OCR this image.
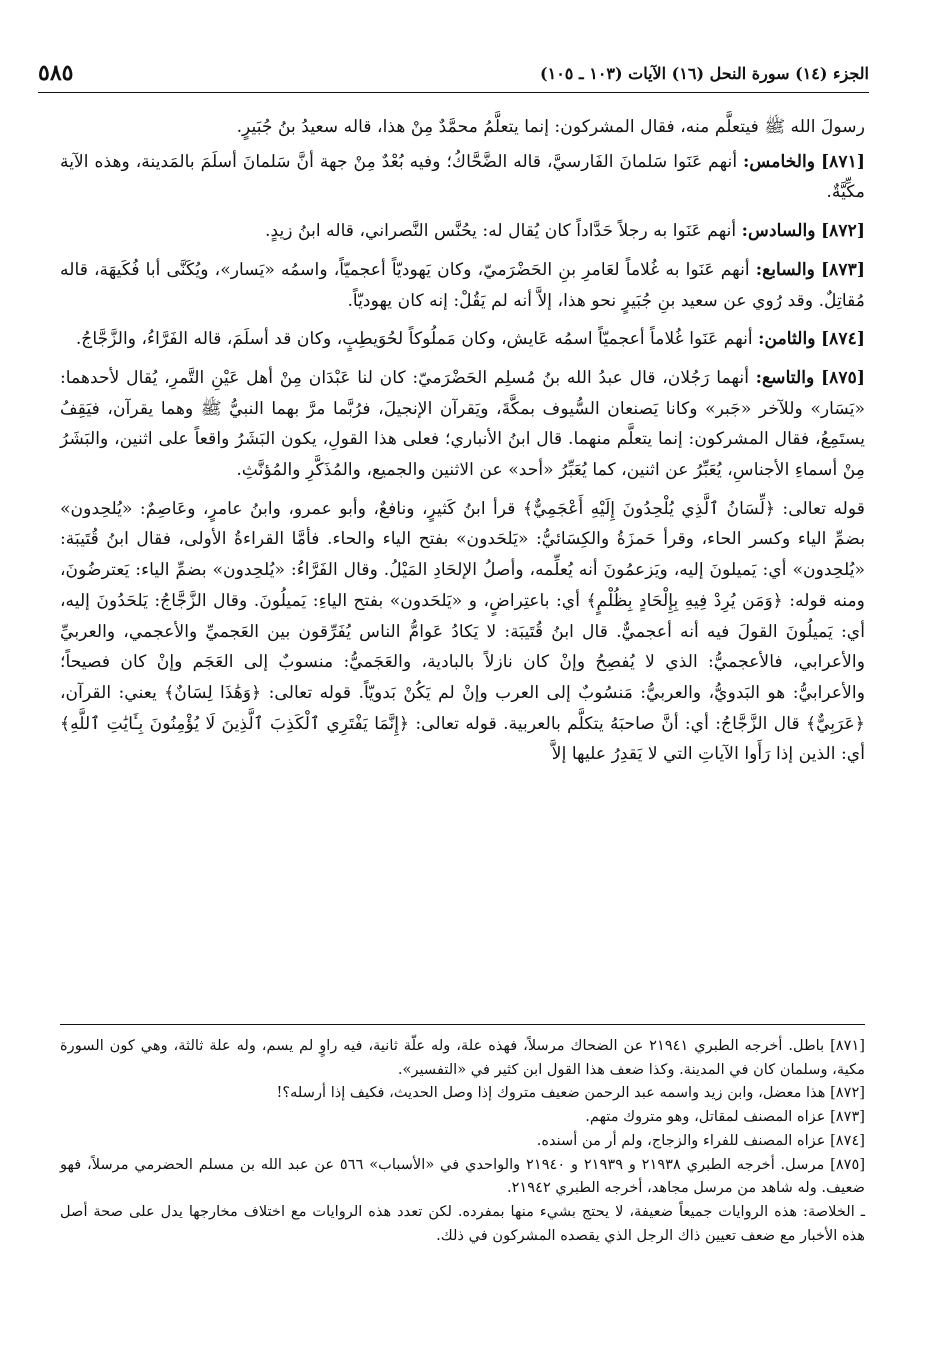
الجزء (١٤) سورة النحل (١٦) الآيات (١٠٣ ـ ١٠٥)
٥٨٥

رسولَ الله ﷺ فيتعلَّم منه، فقال المشركون: إنما يتعلَّمُ محمَّدٌ مِنْ هذا، قاله سعيدُ بنُ جُبَيرٍ.

[٨٧١] والخامس: أنهم عَنَوا سَلمانَ الفَارسيَّ، قاله الضَّحَّاكُ؛ وفيه بُعْدٌ مِنْ جهة أنَّ سَلمانَ أسلَمَ بالمَدينة، وهذه الآية مكِّيَّةٌ.

[٨٧٢] والسادس: أنهم عَنَوا به رجلاً حَدَّاداً كان يُقال له: يحُنَّس النَّصراني، قاله ابنُ زيدٍ.

[٨٧٣] والسابع: أنهم عَنَوا به غُلاماً لعَامرِ بنِ الحَضْرَميّ، وكان يَهوديّاً أعجميّاً، واسمُه «يَسار»، ويُكَنَّى أبا فُكَيهَة، قاله مُقاتِلٌ. وقد رُوي عن سعيد بنِ جُبَيرٍ نحو هذا، إلاَّ أنه لم يَقُلْ: إنه كان يهوديّاً.

[٨٧٤] والثامن: أنهم عَنَوا غُلاماً أعجميّاً اسمُه عَايش، وكان مَملُوكاً لحُوَيطِبٍ، وكان قد أسلَمَ، قاله الفَرَّاءُ، والزَّجَّاجُ.

[٨٧٥] والتاسع: أنهما رَجُلان، قال عبدُ الله بنُ مُسلِم الحَضْرَميّ: كان لنا عَبْدَان مِنْ أهل عَيْنِ التَّمرِ، يُقال لأحدهما: «يَسَار» وللآخر «جَبر» وكانا يَصنعان السُّيوف بمكَّةَ، ويَقرآن الإنجيلَ، فرُبَّما مرَّ بهما النبيُّ ﷺ وهما يقرآن، فيَقِفُ يستَمِعُ، فقال المشركون: إنما يتعلَّم منهما. قال ابنُ الأنباري؛ فعلى هذا القولِ، يكون البَشَرُ واقعاً على اثنين، والبَشَرُ مِنْ أسماءِ الأجناسِ، يُعَبِّرُ عن اثنين، كما يُعَبِّرُ «أحد» عن الاثنين والجميع، والمُذَكَّرِ والمُؤنَّثِ.

قوله تعالى: ﴿لِّسَانُ ٱلَّذِي يُلْحِدُونَ إِلَيْهِ أَعْجَمِيٌّ﴾ قرأ ابنُ كَثيرٍ، ونافعٌ، وأبو عمرو، وابنُ عامرٍ، وعَاصِمٌ: «يُلحِدون» بضمِّ الياء وكسر الحاء، وقرأ حَمزَةُ والكِسَائيُّ: «يَلحَدون» بفتح الياء والحاء. فأمَّا القراءةُ الأولى، فقال ابنُ قُتَيبَة: «يُلحِدون» أي: يَميلونَ إليه، ويَزعمُونَ أنه يُعلِّمه، وأصلُ الإلحَادِ المَيْلُ. وقال الفَرَّاءُ: «يُلحِدون» بضمِّ الياء: يَعترضُونَ، ومنه قوله: ﴿وَمَن يُرِدْ فِيهِ بِإِلْحَادٍ بِظُلْمٍ﴾ أي: باعتِراضٍ، و «يَلحَدون» بفتح الياءِ: يَميلُونَ. وقال الزَّجَّاجُ: يَلحَدُونَ إليه، أي: يَميلُونَ القولَ فيه أنه أعجميٌّ. قال ابنُ قُتَيبَة: لا يَكادُ عَوامُّ الناس يُفَرِّقون بين العَجميِّ والأعجمي، والعربيِّ والأعرابي، فالأعجميُّ: الذي لا يُفصِحُ وإنْ كان نازلاً بالبادية، والعَجَميُّ: منسوبٌ إلى العَجَم وإنْ كان فصيحاً؛ والأعرابيُّ: هو البَدويُّ، والعربيُّ: مَنسُوبٌ إلى العرب وإنْ لم يَكُنْ بَدويّاً. قوله تعالى: ﴿وَهَٰذَا لِسَانٌ﴾ يعني: القرآن، ﴿عَرَبِيٌّ﴾ قال الزَّجَّاجُ: أي: أنَّ صاحبَهُ يتكلَّم بالعربية. قوله تعالى: ﴿إِنَّمَا يَفْتَرِي ٱلْكَذِبَ ٱلَّذِينَ لَا يُؤْمِنُونَ بِـَٔايَٰتِ ٱللَّهِ﴾ أي: الذين إذا رَأَوا الآياتِ التي لا يَقدِرُ عليها إلاَّ

[٨٧١] باطل. أخرجه الطبري ٢١٩٤١ عن الضحاك مرسلاً، فهذه علة، وله علّة ثانية، فيه راوٍ لم يسم، وله علة ثالثة، وهي كون السورة مكية، وسلمان كان في المدينة. وكذا ضعف هذا القول ابن كثير في «التفسير».

[٨٧٢] هذا معضل، وابن زيد واسمه عبد الرحمن ضعيف متروك إذا وصل الحديث، فكيف إذا أرسله؟!

[٨٧٣] عزاه المصنف لمقاتل، وهو متروك متهم.

[٨٧٤] عزاه المصنف للفراء والزجاج، ولم أر من أسنده.

[٨٧٥] مرسل. أخرجه الطبري ٢١٩٣٨ و ٢١٩٣٩ و ٢١٩٤٠ والواحدي في «الأسباب» ٥٦٦ عن عبد الله بن مسلم الحضرمي مرسلاً، فهو ضعيف. وله شاهد من مرسل مجاهد، أخرجه الطبري ٢١٩٤٢.

ـ الخلاصة: هذه الروايات جميعاً ضعيفة، لا يحتج بشيء منها بمفرده. لكن تعدد هذه الروايات مع اختلاف مخارجها يدل على صحة أصل هذه الأخبار مع ضعف تعيين ذاك الرجل الذي يقصده المشركون في ذلك.
